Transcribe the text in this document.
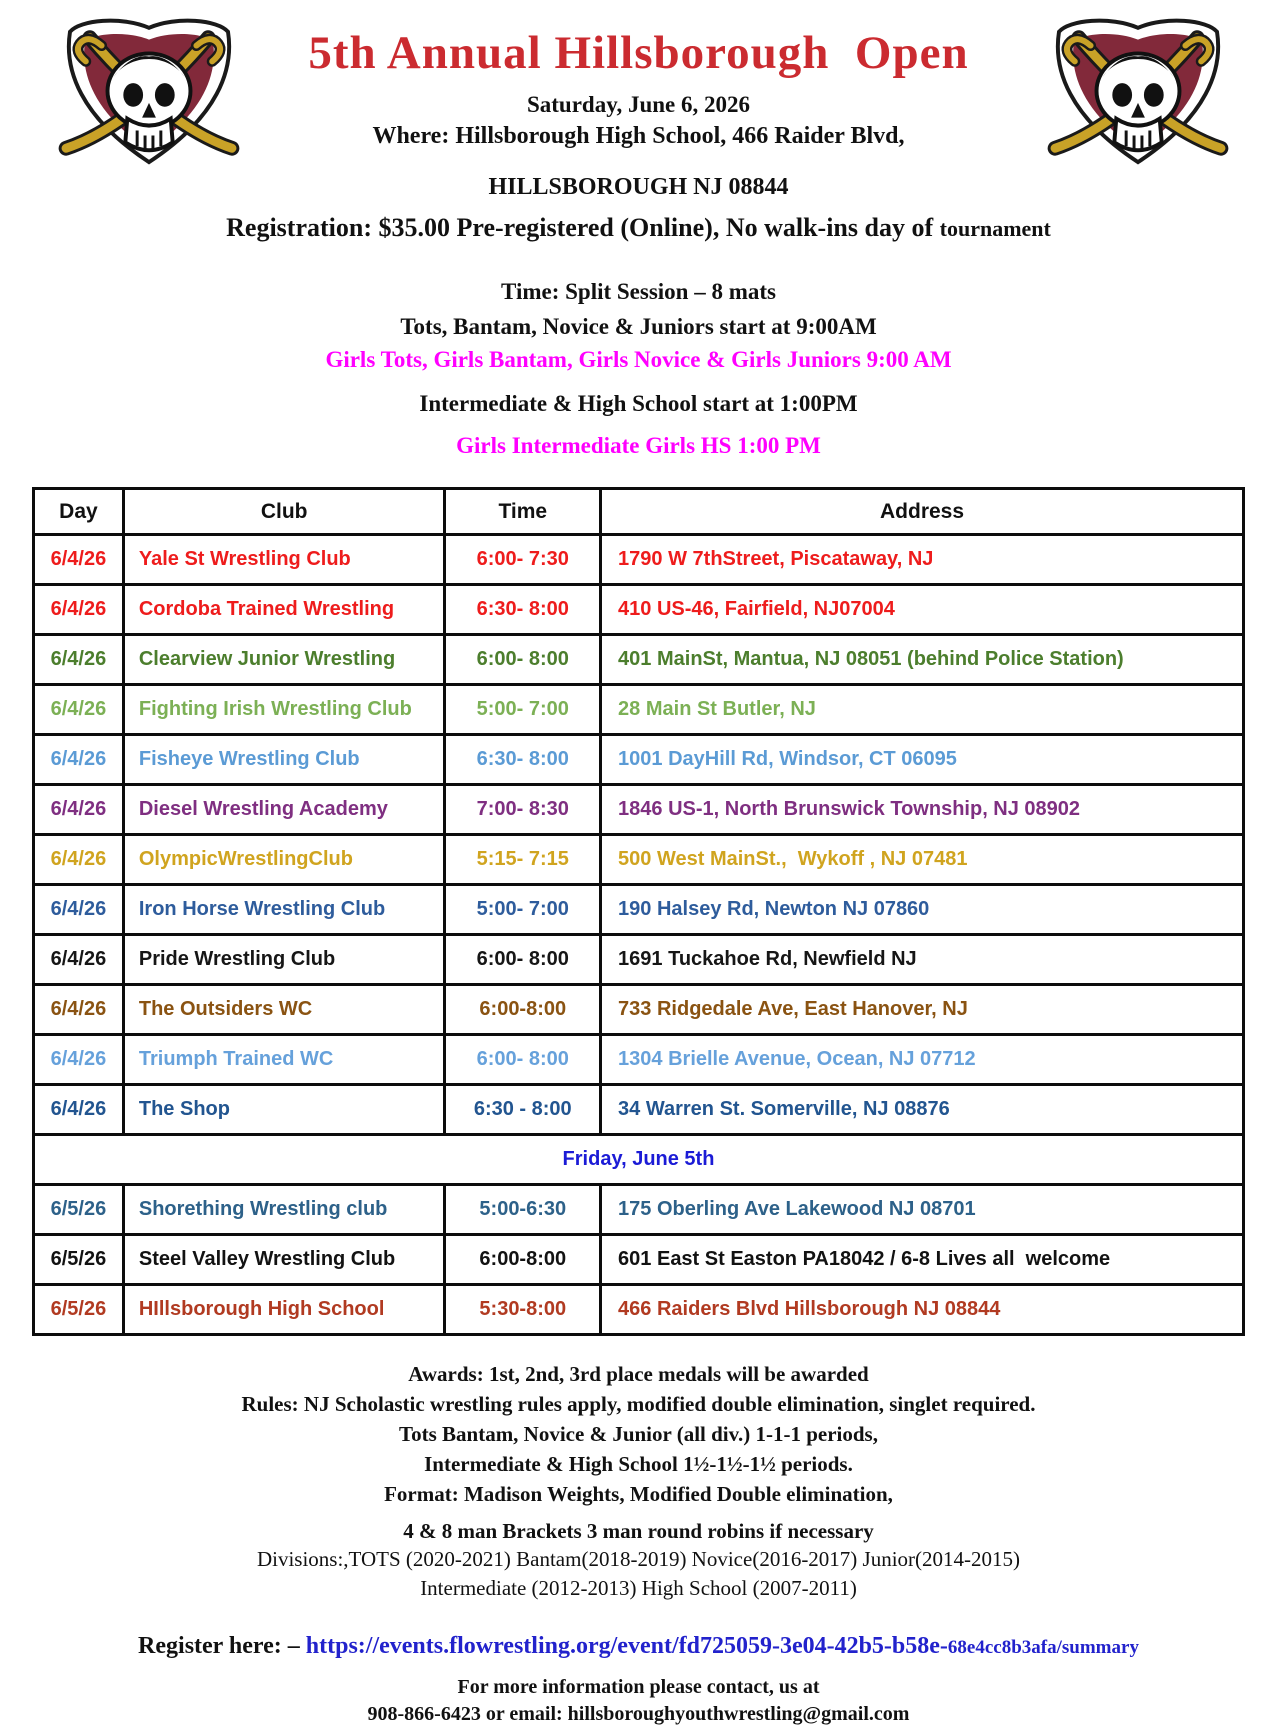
5th Annual Hillsborough  Open
Saturday, June 6, 2026
Where: Hillsborough High School, 466 Raider Blvd,
HILLSBOROUGH NJ 08844
Registration: $35.00 Pre-registered (Online), No walk-ins day of tournament
Time: Split Session – 8 mats
Tots, Bantam, Novice & Juniors start at 9:00AM
Girls Tots, Girls Bantam, Girls Novice & Girls Juniors 9:00 AM
Intermediate & High School start at 1:00PM
Girls Intermediate Girls HS 1:00 PM
Day	Club	Time	Address
6/4/26	Yale St Wrestling Club	6:00- 7:30	1790 W 7thStreet, Piscataway, NJ
6/4/26	Cordoba Trained Wrestling	6:30- 8:00	410 US-46, Fairfield, NJ07004
6/4/26	Clearview Junior Wrestling	6:00- 8:00	401 MainSt, Mantua, NJ 08051 (behind Police Station)
6/4/26	Fighting Irish Wrestling Club	5:00- 7:00	28 Main St Butler, NJ
6/4/26	Fisheye Wrestling Club	6:30- 8:00	1001 DayHill Rd, Windsor, CT 06095
6/4/26	Diesel Wrestling Academy	7:00- 8:30	1846 US-1, North Brunswick Township, NJ 08902
6/4/26	OlympicWrestlingClub	5:15- 7:15	500 West MainSt.,  Wykoff , NJ 07481
6/4/26	Iron Horse Wrestling Club	5:00- 7:00	190 Halsey Rd, Newton NJ 07860
6/4/26	Pride Wrestling Club	6:00- 8:00	1691 Tuckahoe Rd, Newfield NJ
6/4/26	The Outsiders WC	6:00-8:00	733 Ridgedale Ave, East Hanover, NJ
6/4/26	Triumph Trained WC	6:00- 8:00	1304 Brielle Avenue, Ocean, NJ 07712
6/4/26	The Shop	6:30 - 8:00	34 Warren St. Somerville, NJ 08876
Friday, June 5th			
6/5/26	Shorething Wrestling club	5:00-6:30	175 Oberling Ave Lakewood NJ 08701
6/5/26	Steel Valley Wrestling Club	6:00-8:00	601 East St Easton PA18042 / 6-8 Lives all  welcome
6/5/26	HIllsborough High School	5:30-8:00	466 Raiders Blvd Hillsborough NJ 08844
Awards: 1st, 2nd, 3rd place medals will be awarded
Rules: NJ Scholastic wrestling rules apply, modified double elimination, singlet required.
Tots Bantam, Novice & Junior (all div.) 1-1-1 periods,
Intermediate & High School 1½-1½-1½ periods.
Format: Madison Weights, Modified Double elimination,
4 & 8 man Brackets 3 man round robins if necessary
Divisions:,TOTS (2020-2021) Bantam(2018-2019) Novice(2016-2017) Junior(2014-2015)
Intermediate (2012-2013) High School (2007-2011)
Register here: – https://events.flowrestling.org/event/fd725059-3e04-42b5-b58e-68e4cc8b3afa/summary
For more information please contact, us at
908-866-6423 or email: hillsboroughyouthwrestling@gmail.com
